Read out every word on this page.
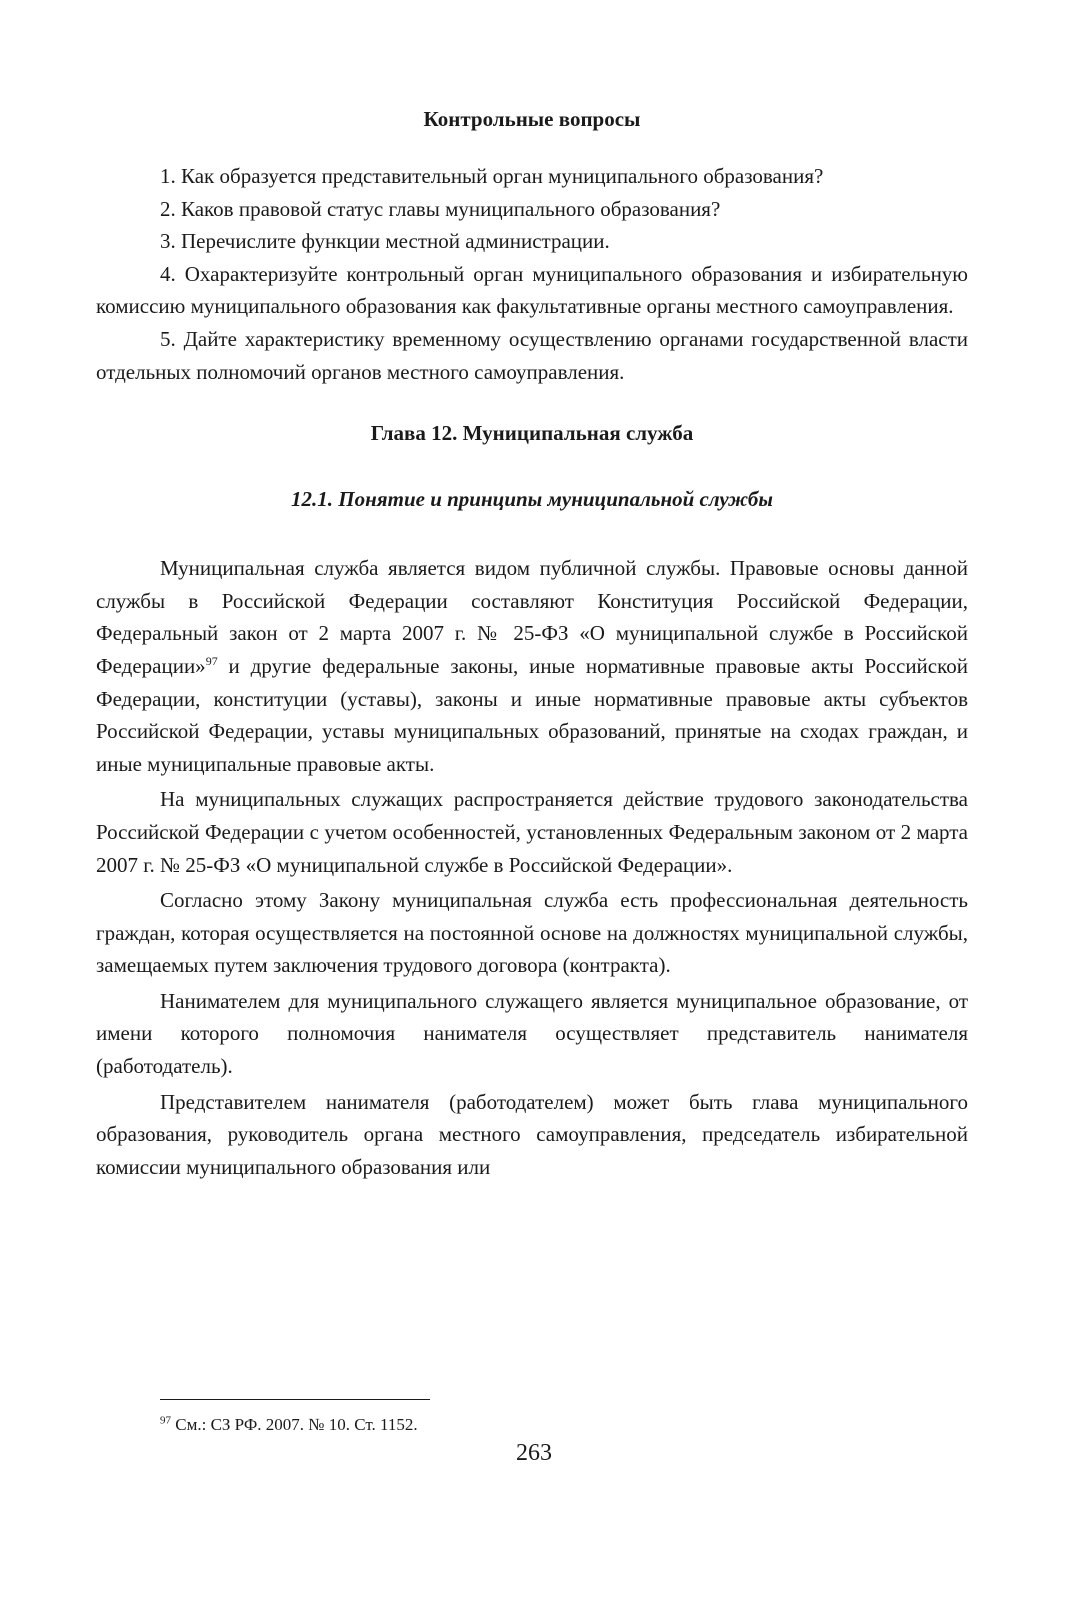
Контрольные вопросы

1. Как образуется представительный орган муниципального образования?

2. Каков правовой статус главы муниципального образования?

3. Перечислите функции местной администрации.

4. Охарактеризуйте контрольный орган муниципального образования и избирательную комиссию муниципального образования как факультативные органы местного самоуправления.

5. Дайте характеристику временному осуществлению органами государственной власти отдельных полномочий органов местного самоуправления.

Глава 12. Муниципальная служба
12.1. Понятие и принципы муниципальной службы

Муниципальная служба является видом публичной службы. Правовые основы данной службы в Российской Федерации составляют Конституция Российской Федерации, Федеральный закон от 2 марта 2007 г. № 25-ФЗ «О муниципальной службе в Российской Федерации»$^{97}$ и другие федеральные законы, иные нормативные правовые акты Российской Федерации, конституции (уставы), законы и иные нормативные правовые акты субъектов Российской Федерации, уставы муниципальных образований, принятые на сходах граждан, и иные муниципальные правовые акты.

На муниципальных служащих распространяется действие трудового законодательства Российской Федерации с учетом особенностей, установленных Федеральным законом от 2 марта 2007 г. № 25-ФЗ «О муниципальной службе в Российской Федерации».

Согласно этому Закону муниципальная служба есть профессиональная деятельность граждан, которая осуществляется на постоянной основе на должностях муниципальной службы, замещаемых путем заключения трудового договора (контракта).

Нанимателем для муниципального служащего является муниципальное образование, от имени которого полномочия нанимателя осуществляет представитель нанимателя (работодатель).

Представителем нанимателя (работодателем) может быть глава муниципального образования, руководитель органа местного самоуправления, председатель избирательной комиссии муниципального образования или

$^{97}$ См.: СЗ РФ. 2007. № 10. Ст. 1152.
263
